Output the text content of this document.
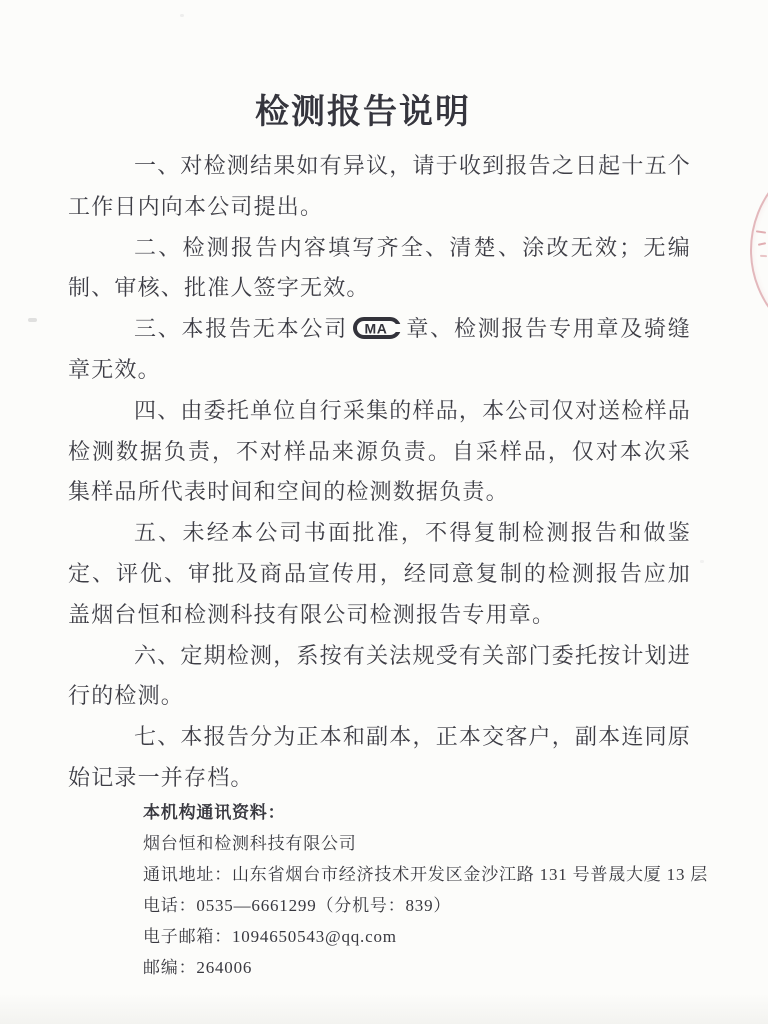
检测报告说明

一、对检测结果如有异议，请于收到报告之日起十五个工作日内向本公司提出。

二、检测报告内容填写齐全、清楚、涂改无效；无编制、审核、批准人签字无效。

三、本报告无本公司 MA 章、检测报告专用章及骑缝章无效。

四、由委托单位自行采集的样品，本公司仅对送检样品检测数据负责，不对样品来源负责。自采样品，仅对本次采集样品所代表时间和空间的检测数据负责。

五、未经本公司书面批准，不得复制检测报告和做鉴定、评优、审批及商品宣传用，经同意复制的检测报告应加盖烟台恒和检测科技有限公司检测报告专用章。

六、定期检测，系按有关法规受有关部门委托按计划进行的检测。

七、本报告分为正本和副本，正本交客户，副本连同原始记录一并存档。

本机构通讯资料：
烟台恒和检测科技有限公司
通讯地址：山东省烟台市经济技术开发区金沙江路 131 号普晟大厦 13 层
电话：0535—6661299（分机号：839）
电子邮箱：1094650543@qq.com
邮编：264006
